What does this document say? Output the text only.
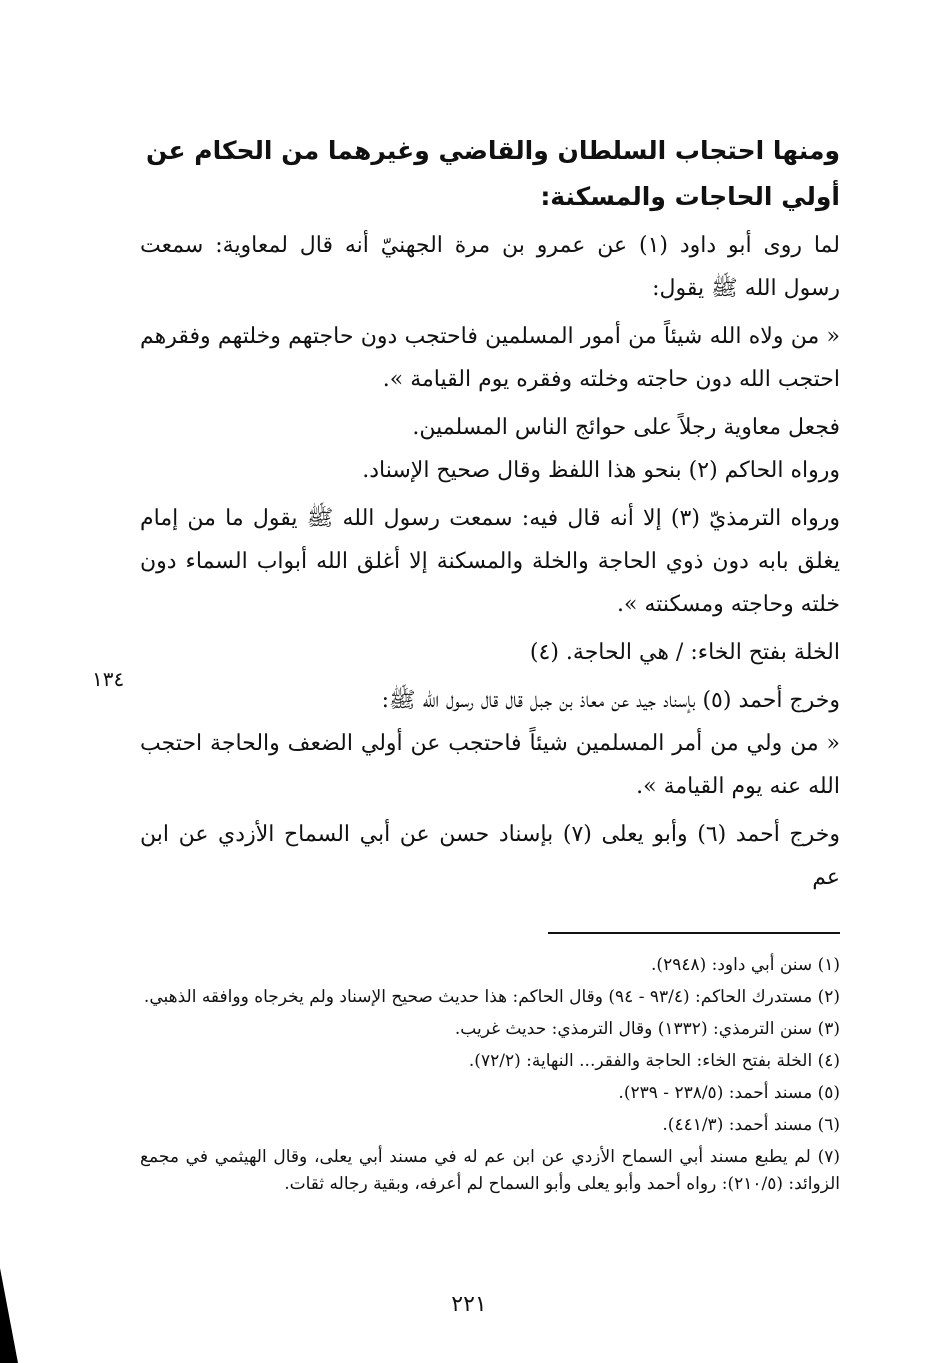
ومنها احتجاب السلطان والقاضي وغيرهما من الحكام عن أولي الحاجات والمسكنة:

لما روى أبو داود (١) عن عمرو بن مرة الجهنيّ أنه قال لمعاوية: سمعت رسول الله ﷺ يقول:

« من ولاه الله شيئاً من أمور المسلمين فاحتجب دون حاجتهم وخلتهم وفقرهم احتجب الله دون حاجته وخلته وفقره يوم القيامة ».

فجعل معاوية رجلاً على حوائج الناس المسلمين.

ورواه الحاكم (٢) بنحو هذا اللفظ وقال صحيح الإسناد.

ورواه الترمذيّ (٣) إلا أنه قال فيه: سمعت رسول الله ﷺ يقول ما من إمام يغلق بابه دون ذوي الحاجة والخلة والمسكنة إلا أغلق الله أبواب السماء دون خلته وحاجته ومسكنته ».

الخلة بفتح الخاء: / هي الحاجة. (٤)

وخرج أحمد (٥) بإسناد جيد عن معاذ بن جبل قال قال رسول الله ﷺ:

« من ولي من أمر المسلمين شيئاً فاحتجب عن أولي الضعف والحاجة احتجب الله عنه يوم القيامة ».

وخرج أحمد (٦) وأبو يعلى (٧) بإسناد حسن عن أبي السماح الأزدي عن ابن عم

١٣٤

(١) سنن أبي داود: (٢٩٤٨).

(٢) مستدرك الحاكم: (٩٣/٤ - ٩٤) وقال الحاكم: هذا حديث صحيح الإسناد ولم يخرجاه ووافقه الذهبي.

(٣) سنن الترمذي: (١٣٣٢) وقال الترمذي: حديث غريب.

(٤) الخلة بفتح الخاء: الحاجة والفقر... النهاية: (٧٢/٢).

(٥) مسند أحمد: (٢٣٨/٥ - ٢٣٩).

(٦) مسند أحمد: (٤٤١/٣).

(٧) لم يطبع مسند أبي السماح الأزدي عن ابن عم له في مسند أبي يعلى، وقال الهيثمي في مجمع الزوائد: (٢١٠/٥): رواه أحمد وأبو يعلى وأبو السماح لم أعرفه، وبقية رجاله ثقات.

٢٢١
